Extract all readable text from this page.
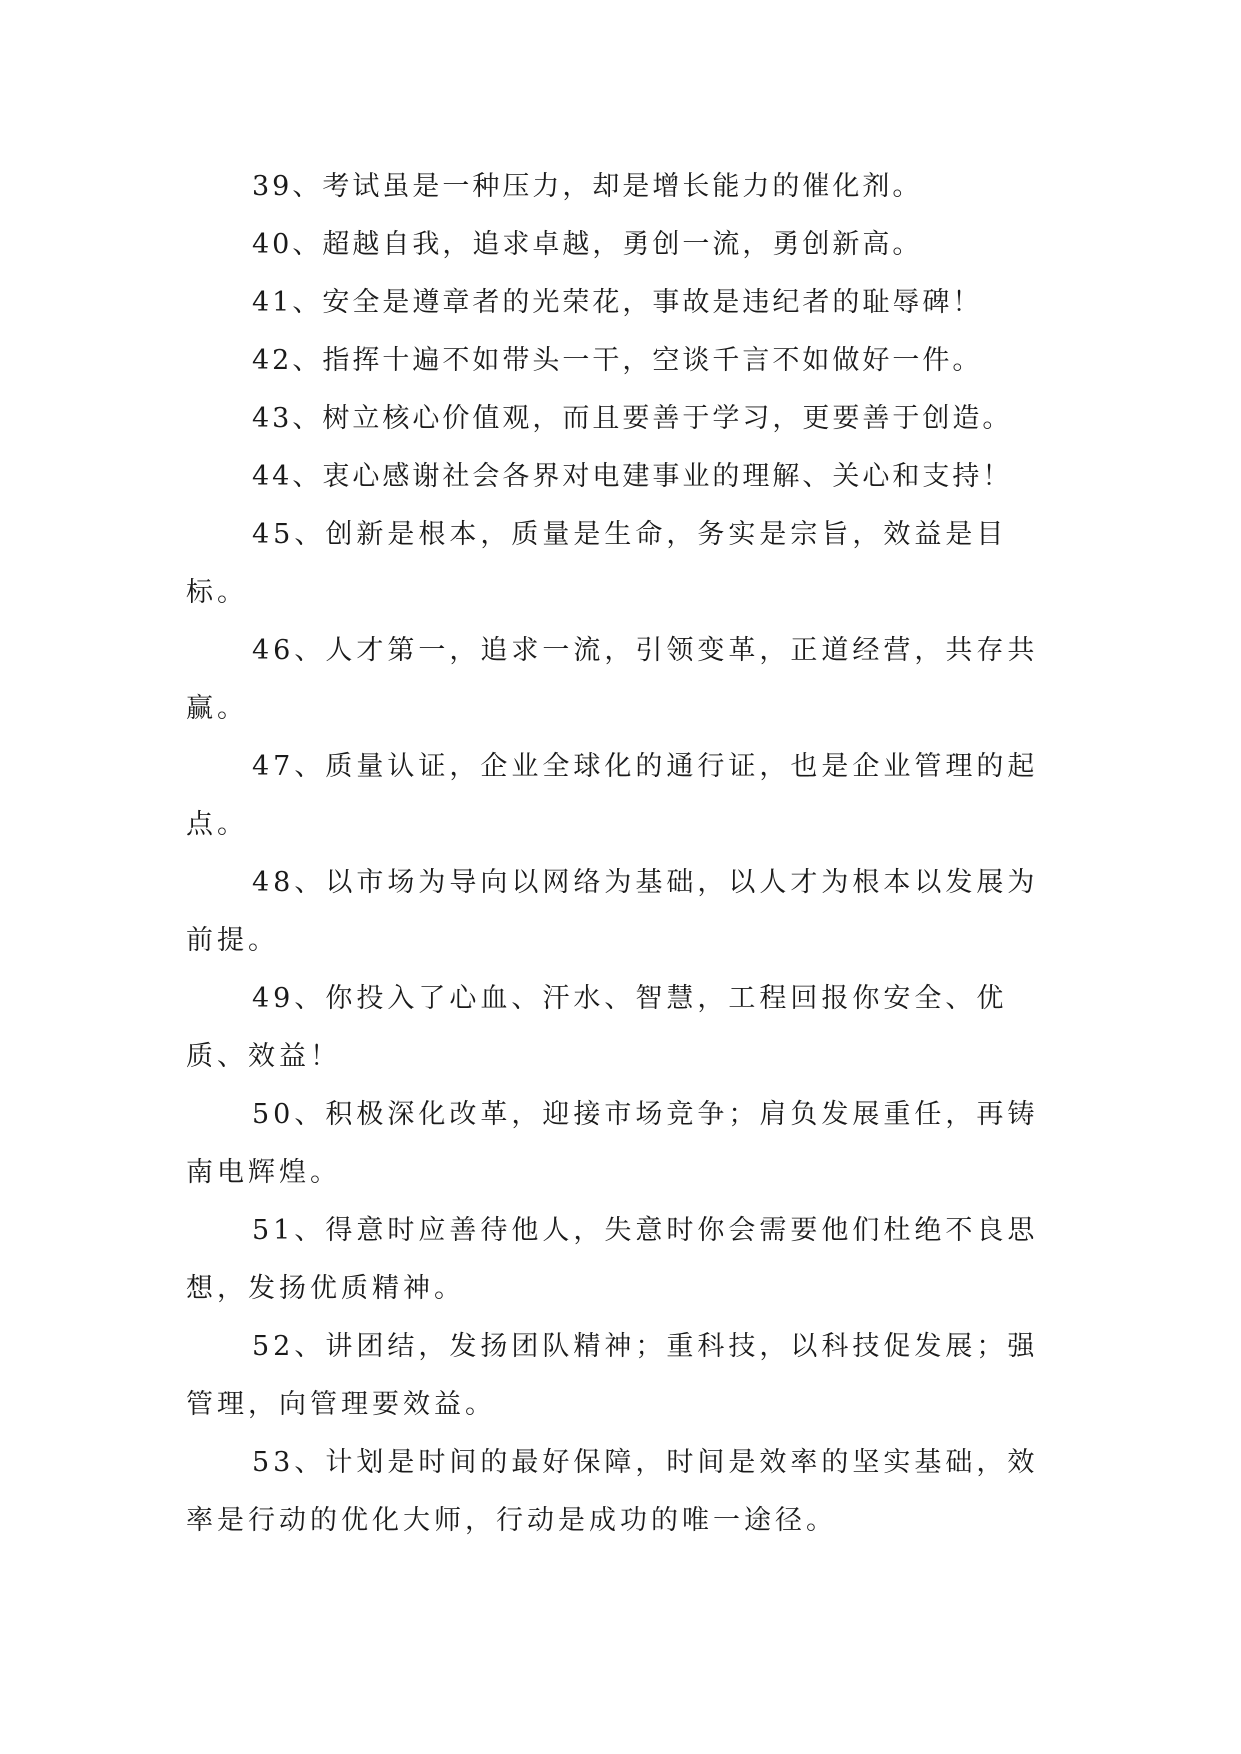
39、考试虽是一种压力，却是增长能力的催化剂。

40、超越自我，追求卓越，勇创一流，勇创新高。

41、安全是遵章者的光荣花，事故是违纪者的耻辱碑！

42、指挥十遍不如带头一干，空谈千言不如做好一件。

43、树立核心价值观，而且要善于学习，更要善于创造。

44、衷心感谢社会各界对电建事业的理解、关心和支持！

45、创新是根本，质量是生命，务实是宗旨，效益是目标。

46、人才第一，追求一流，引领变革，正道经营，共存共赢。

47、质量认证，企业全球化的通行证，也是企业管理的起点。

48、以市场为导向以网络为基础，以人才为根本以发展为前提。

49、你投入了心血、汗水、智慧，工程回报你安全、优质、效益！

50、积极深化改革，迎接市场竞争；肩负发展重任，再铸南电辉煌。

51、得意时应善待他人，失意时你会需要他们杜绝不良思想，发扬优质精神。

52、讲团结，发扬团队精神；重科技，以科技促发展；强管理，向管理要效益。

53、计划是时间的最好保障，时间是效率的坚实基础，效率是行动的优化大师，行动是成功的唯一途径。
